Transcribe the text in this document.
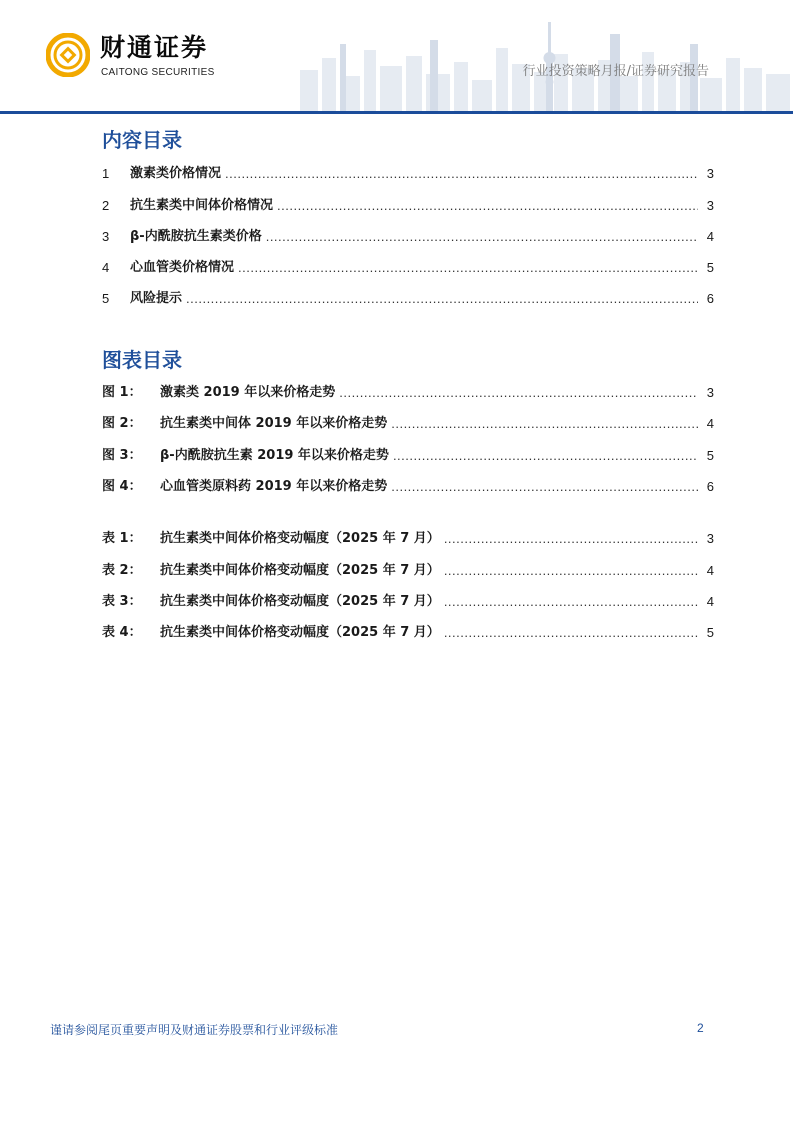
财通证券
CAITONG SECURITIES	行业投资策略月报/证券研究报告
内容目录
1	激素类价格情况 .....	3
2	抗生素类中间体价格情况 .....	3
3	β-内酰胺抗生素类价格 .....	4
4	心血管类价格情况 .....	5
5	风险提示 .....	6
图表目录
图 1：	激素类 2019 年以来价格走势 .....	3
图 2：	抗生素类中间体 2019 年以来价格走势 .....	4
图 3：	β-内酰胺抗生素 2019 年以来价格走势 .....	5
图 4：	心血管类原料药 2019 年以来价格走势 .....	6
表 1：	抗生素类中间体价格变动幅度（2025 年 7 月） .....	3
表 2：	抗生素类中间体价格变动幅度（2025 年 7 月） .....	4
表 3：	抗生素类中间体价格变动幅度（2025 年 7 月） .....	4
表 4：	抗生素类中间体价格变动幅度（2025 年 7 月） .....	5
谨请参阅尾页重要声明及财通证券股票和行业评级标准	2
